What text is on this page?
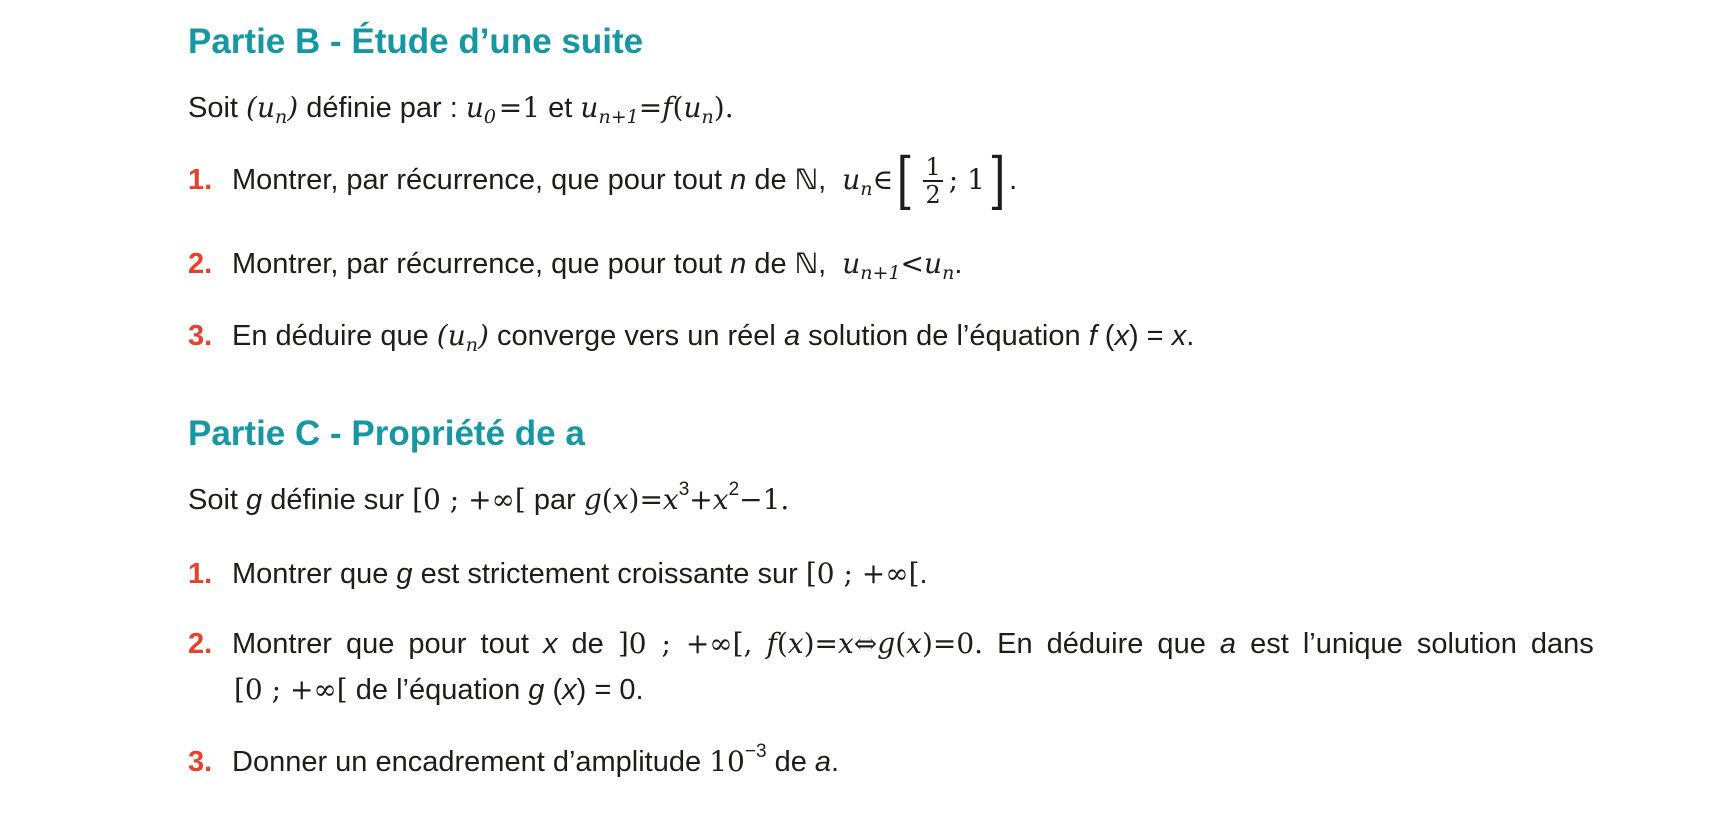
Partie B - Étude d’une suite
Soit $(u_n)$ définie par : $u_0$ =1 et $u_{n+1}=f(u_n)$.
1. Montrer, par récurrence, que pour tout n de ℕ,  $u_n\in[ \frac{1}{2}$ ; 1] .
2. Montrer, par récurrence, que pour tout n de ℕ,  $u_{n+1}<u_n$.
3. En déduire que $(u_n)$ converge vers un réel a solution de l’équation f (x) = x.
Partie C - Propriété de a
Soit g définie sur [0 ; +∞[ par $g(x)=x^3+x^2-1$.
1. Montrer que g est strictement croissante sur [0 ; +∞[.
2. Montrer que pour tout x de ]0 ; +∞[, f(x)=x⇔g(x)=0. En déduire que a est l’unique solution dans
[0 ; +∞[ de l’équation g (x) = 0.
3. Donner un encadrement d’amplitude $10^{-3}$ de a.
